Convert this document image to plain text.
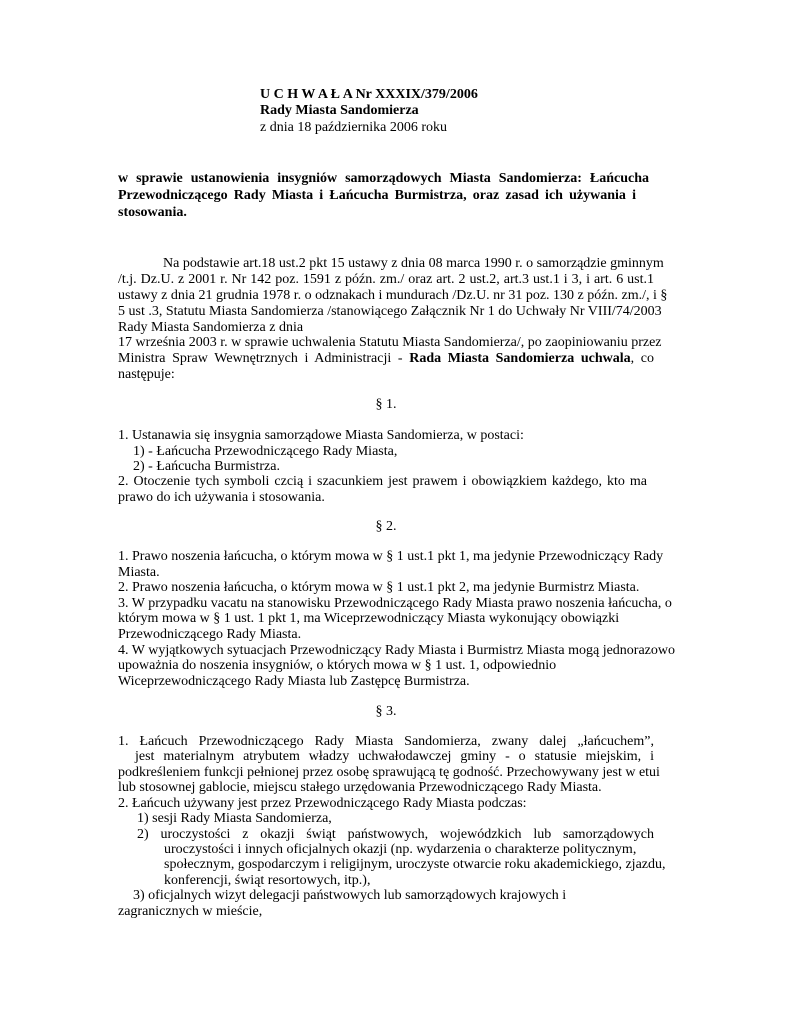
U C H W A Ł A Nr XXXIX/379/2006
Rady Miasta Sandomierza
z dnia 18 października 2006 roku
w sprawie ustanowienia insygniów samorządowych Miasta Sandomierza: Łańcucha
Przewodniczącego Rady Miasta i Łańcucha Burmistrza, oraz zasad ich używania i
stosowania.
Na podstawie art.18 ust.2 pkt 15 ustawy z dnia 08 marca 1990 r. o samorządzie gminnym
/t.j. Dz.U. z 2001 r. Nr 142 poz. 1591 z późn. zm./ oraz art. 2 ust.2, art.3 ust.1 i 3, i art. 6 ust.1
ustawy z dnia 21 grudnia 1978 r. o odznakach i mundurach /Dz.U. nr 31 poz. 130 z późn. zm./, i §
5 ust .3, Statutu Miasta Sandomierza /stanowiącego Załącznik Nr 1 do Uchwały Nr VIII/74/2003
Rady Miasta Sandomierza z dnia
17 września 2003 r. w sprawie uchwalenia Statutu Miasta Sandomierza/, po zaopiniowaniu przez
Ministra Spraw Wewnętrznych i Administracji - Rada Miasta Sandomierza uchwala, co
następuje:
§ 1.
1. Ustanawia się insygnia samorządowe Miasta Sandomierza, w postaci:
1) - Łańcucha Przewodniczącego Rady Miasta,
2) - Łańcucha Burmistrza.
2. Otoczenie tych symboli czcią i szacunkiem jest prawem i obowiązkiem każdego, kto ma
prawo do ich używania i stosowania.
§ 2.
1. Prawo noszenia łańcucha, o którym mowa w § 1 ust.1 pkt 1, ma jedynie Przewodniczący Rady
Miasta.
2. Prawo noszenia łańcucha, o którym mowa w § 1 ust.1 pkt 2, ma jedynie Burmistrz Miasta.
3. W przypadku vacatu na stanowisku Przewodniczącego Rady Miasta prawo noszenia łańcucha, o
którym mowa w § 1 ust. 1 pkt 1, ma Wiceprzewodniczący Miasta wykonujący obowiązki
Przewodniczącego Rady Miasta.
4. W wyjątkowych sytuacjach Przewodniczący Rady Miasta i Burmistrz Miasta mogą jednorazowo
upoważnia do noszenia insygniów, o których mowa w § 1 ust. 1, odpowiednio
Wiceprzewodniczącego Rady Miasta lub Zastępcę Burmistrza.
§ 3.
1. Łańcuch Przewodniczącego Rady Miasta Sandomierza, zwany dalej „łańcuchem”,
jest materialnym atrybutem władzy uchwałodawczej gminy - o statusie miejskim, i
podkreśleniem funkcji pełnionej przez osobę sprawującą tę godność. Przechowywany jest w etui
lub stosownej gablocie, miejscu stałego urzędowania Przewodniczącego Rady Miasta.
2. Łańcuch używany jest przez Przewodniczącego Rady Miasta podczas:
1) sesji Rady Miasta Sandomierza,
2) uroczystości z okazji świąt państwowych, wojewódzkich lub samorządowych
uroczystości i innych oficjalnych okazji (np. wydarzenia o charakterze politycznym,
społecznym, gospodarczym i religijnym, uroczyste otwarcie roku akademickiego, zjazdu,
konferencji, świąt resortowych, itp.),
3) oficjalnych wizyt delegacji państwowych lub samorządowych krajowych i
zagranicznych w mieście,
